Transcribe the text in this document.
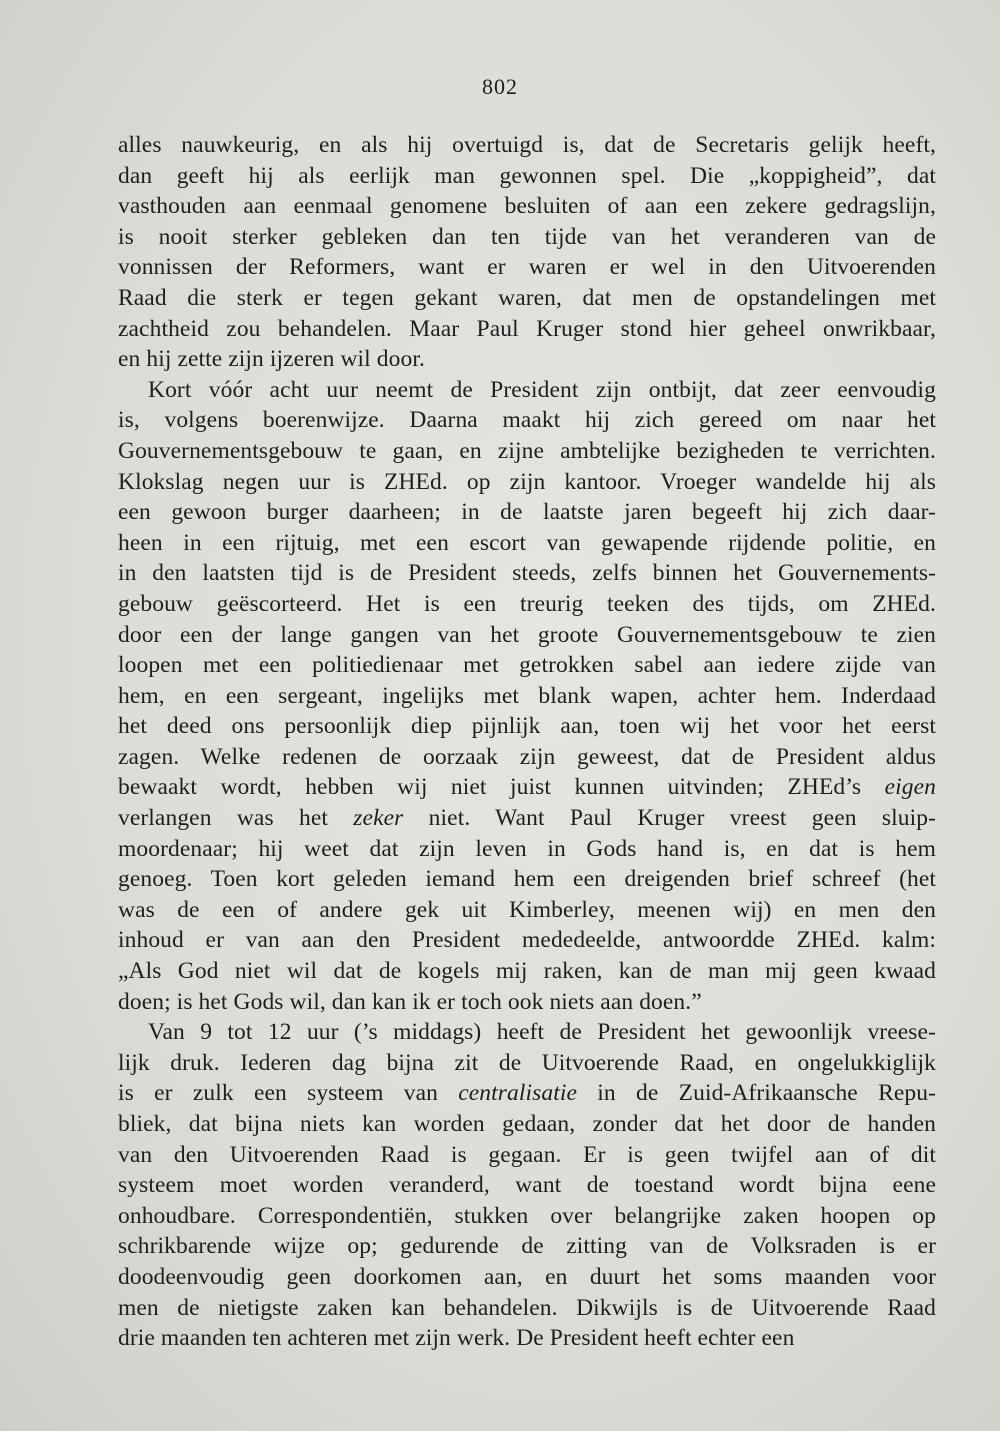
802
alles nauwkeurig, en als hij overtuigd is, dat de Secretaris gelijk heeft,
dan geeft hij als eerlijk man gewonnen spel. Die „koppigheid”, dat
vasthouden aan eenmaal genomene besluiten of aan een zekere gedragslijn,
is nooit sterker gebleken dan ten tijde van het veranderen van de
vonnissen der Reformers, want er waren er wel in den Uitvoerenden
Raad die sterk er tegen gekant waren, dat men de opstandelingen met
zachtheid zou behandelen. Maar Paul Kruger stond hier geheel onwrikbaar,
en hij zette zijn ijzeren wil door.
Kort vóór acht uur neemt de President zijn ontbijt, dat zeer eenvoudig
is, volgens boerenwijze. Daarna maakt hij zich gereed om naar het
Gouvernementsgebouw te gaan, en zijne ambtelijke bezigheden te verrichten.
Klokslag negen uur is ZHEd. op zijn kantoor. Vroeger wandelde hij als
een gewoon burger daarheen; in de laatste jaren begeeft hij zich daar-
heen in een rijtuig, met een escort van gewapende rijdende politie, en
in den laatsten tijd is de President steeds, zelfs binnen het Gouvernements-
gebouw geëscorteerd. Het is een treurig teeken des tijds, om ZHEd.
door een der lange gangen van het groote Gouvernementsgebouw te zien
loopen met een politiedienaar met getrokken sabel aan iedere zijde van
hem, en een sergeant, ingelijks met blank wapen, achter hem. Inderdaad
het deed ons persoonlijk diep pijnlijk aan, toen wij het voor het eerst
zagen. Welke redenen de oorzaak zijn geweest, dat de President aldus
bewaakt wordt, hebben wij niet juist kunnen uitvinden; ZHEd’s eigen
verlangen was het zeker niet. Want Paul Kruger vreest geen sluip-
moordenaar; hij weet dat zijn leven in Gods hand is, en dat is hem
genoeg. Toen kort geleden iemand hem een dreigenden brief schreef (het
was de een of andere gek uit Kimberley, meenen wij) en men den
inhoud er van aan den President mededeelde, antwoordde ZHEd. kalm:
„Als God niet wil dat de kogels mij raken, kan de man mij geen kwaad
doen; is het Gods wil, dan kan ik er toch ook niets aan doen.”
Van 9 tot 12 uur (’s middags) heeft de President het gewoonlijk vreese-
lijk druk. Iederen dag bijna zit de Uitvoerende Raad, en ongelukkiglijk
is er zulk een systeem van centralisatie in de Zuid-Afrikaansche Repu-
bliek, dat bijna niets kan worden gedaan, zonder dat het door de handen
van den Uitvoerenden Raad is gegaan. Er is geen twijfel aan of dit
systeem moet worden veranderd, want de toestand wordt bijna eene
onhoudbare. Correspondentiën, stukken over belangrijke zaken hoopen op
schrikbarende wijze op; gedurende de zitting van de Volksraden is er
doodeenvoudig geen doorkomen aan, en duurt het soms maanden voor
men de nietigste zaken kan behandelen. Dikwijls is de Uitvoerende Raad
drie maanden ten achteren met zijn werk. De President heeft echter een
